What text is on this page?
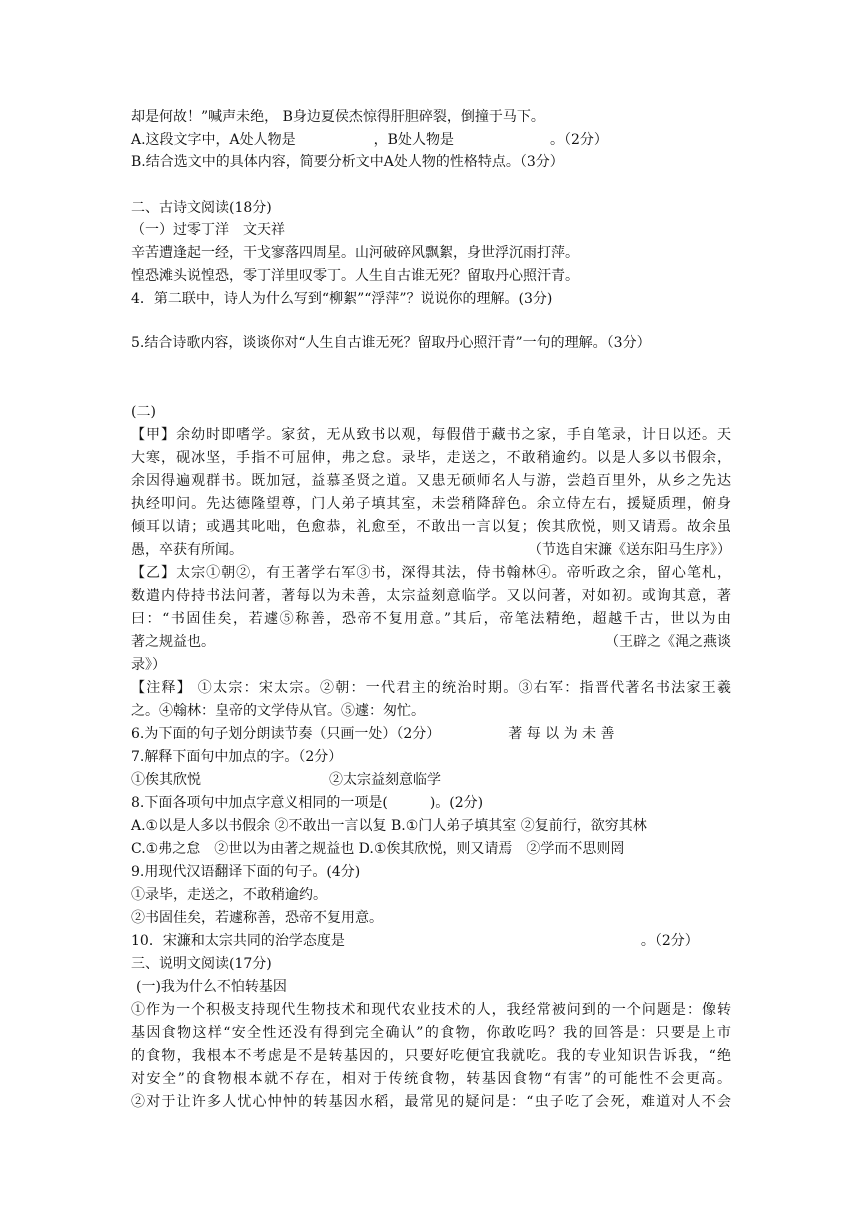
却是何故！”喊声未绝， B身边夏侯杰惊得肝胆碎裂，倒撞于马下。
A.这段文字中，A处人物是	，B处人物是	。（2分）
B.结合选文中的具体内容，简要分析文中A处人物的性格特点。（3分）
二、古诗文阅读(18分)
（一）过零丁洋　文天祥
辛苦遭逢起一经，干戈寥落四周星。山河破碎风飘絮，身世浮沉雨打萍。
惶恐滩头说惶恐，零丁洋里叹零丁。人生自古谁无死？留取丹心照汗青。
4．第二联中，诗人为什么写到“柳絮”“浮萍”？说说你的理解。(3分)
5.结合诗歌内容，谈谈你对“人生自古谁无死？留取丹心照汗青”一句的理解。（3分）
(二)
【甲】余幼时即嗜学。家贫，无从致书以观，每假借于藏书之家，手自笔录，计日以还。天
大寒，砚冰坚，手指不可屈伸，弗之怠。录毕，走送之，不敢稍逾约。以是人多以书假余，
余因得遍观群书。既加冠，益慕圣贤之道。又患无硕师名人与游，尝趋百里外，从乡之先达
执经叩问。先达德隆望尊，门人弟子填其室，未尝稍降辞色。余立侍左右，援疑质理，俯身
倾耳以请；或遇其叱咄，色愈恭，礼愈至，不敢出一言以复；俟其欣悦，则又请焉。故余虽
愚，卒获有所闻。	（节选自宋濂《送东阳马生序》）
【乙】太宗①朝②，有王著学右军③书，深得其法，侍书翰林④。帝听政之余，留心笔札，
数遣内侍持书法问著，著每以为未善，太宗益刻意临学。又以问著，对如初。或询其意，著
曰：“书固佳矣，若遽⑤称善，恐帝不复用意。”其后，帝笔法精绝，超越千古，世以为由
著之规益也。	（王辟之《渑之燕谈
录》）
【注释】 ①太宗：宋太宗。②朝：一代君主的统治时期。③右军：指晋代著名书法家王羲
之。④翰林：皇帝的文学侍从官。⑤遽：匆忙。
6.为下面的句子划分朗读节奏（只画一处）（2分）	著 每 以 为 未 善
7.解释下面句中加点的字。（2分）
①俟其欣悦	②太宗益刻意临学
8.下面各项句中加点字意义相同的一项是(　　　)。(2分)
A.①以是人多以书假余 ②不敢出一言以复 B.①门人弟子填其室 ②复前行，欲穷其林
C.①弗之怠　②世以为由著之规益也 D.①俟其欣悦，则又请焉　②学而不思则罔
9.用现代汉语翻译下面的句子。(4分)
①录毕，走送之，不敢稍逾约。
②书固佳矣，若遽称善，恐帝不复用意。
10．宋濂和太宗共同的治学态度是	。（2分）
三、说明文阅读(17分)
(一)我为什么不怕转基因
①作为一个积极支持现代生物技术和现代农业技术的人，我经常被问到的一个问题是：像转
基因食物这样“安全性还没有得到完全确认”的食物，你敢吃吗？我的回答是：只要是上市
的食物，我根本不考虑是不是转基因的，只要好吃便宜我就吃。我的专业知识告诉我，“绝
对安全”的食物根本就不存在，相对于传统食物，转基因食物“有害”的可能性不会更高。
②对于让许多人忧心忡忡的转基因水稻，最常见的疑问是：“虫子吃了会死，难道对人不会
